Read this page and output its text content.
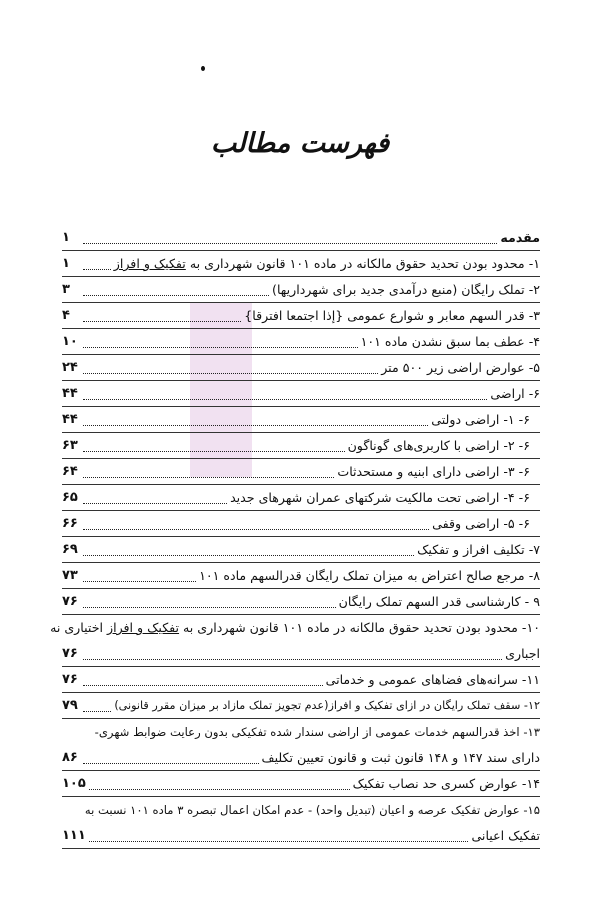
فهرست مطالب
مقدمه
۱
۱- محدود بودن تحدید حقوق مالکانه در ماده ۱۰۱ قانون شهرداری به تفکیک و افراز
۱
۲- تملک رایگان (منبع درآمدی جدید برای شهرداریها)
۳
۳- قدر السهم معابر و شوارع عمومی {إذا اجتمعا افترقا}
۴
۴- عطف بما سبق نشدن ماده ۱۰۱
۱۰
۵- عوارض اراضی زیر ۵۰۰ متر
۲۴
۶- اراضی
۴۴
۶- ۱- اراضی دولتی
۴۴
۶- ۲- اراضی با کاربری‌های گوناگون
۶۳
۶- ۳- اراضی دارای ابنیه و مستحدثات
۶۴
۶- ۴- اراضی تحت مالکیت شرکتهای عمران شهرهای جدید
۶۵
۶- ۵- اراضی وقفی
۶۶
۷- تکلیف افراز و تفکیک
۶۹
۸- مرجع صالح اعتراض به میزان تملک رایگان قدرالسهم ماده ۱۰۱
۷۳
۹ - کارشناسی قدر السهم تملک رایگان
۷۶
۱۰- محدود بودن تحدید حقوق مالکانه در ماده ۱۰۱ قانون شهرداری به تفکیک و افراز اختیاری نه
اجباری
۷۶
۱۱- سرانه‌های فضاهای عمومی و خدماتی
۷۶
۱۲- سقف تملک رایگان در ازای تفکیک و افراز(عدم تجویز تملک مازاد بر میزان مقرر قانونی)
۷۹
۱۳- اخذ قدرالسهم خدمات عمومی از اراضی سندار شده تفکیکی بدون رعایت ضوابط شهری-
دارای سند ۱۴۷ و ۱۴۸ قانون ثبت و قانون تعیین تکلیف
۸۶
۱۴- عوارض کسری حد نصاب تفکیک
۱۰۵
۱۵- عوارض تفکیک عرصه و اعیان (تبدیل واحد) - عدم امکان اعمال تبصره ۳ ماده ۱۰۱ نسبت به
تفکیک اعیانی
۱۱۱
